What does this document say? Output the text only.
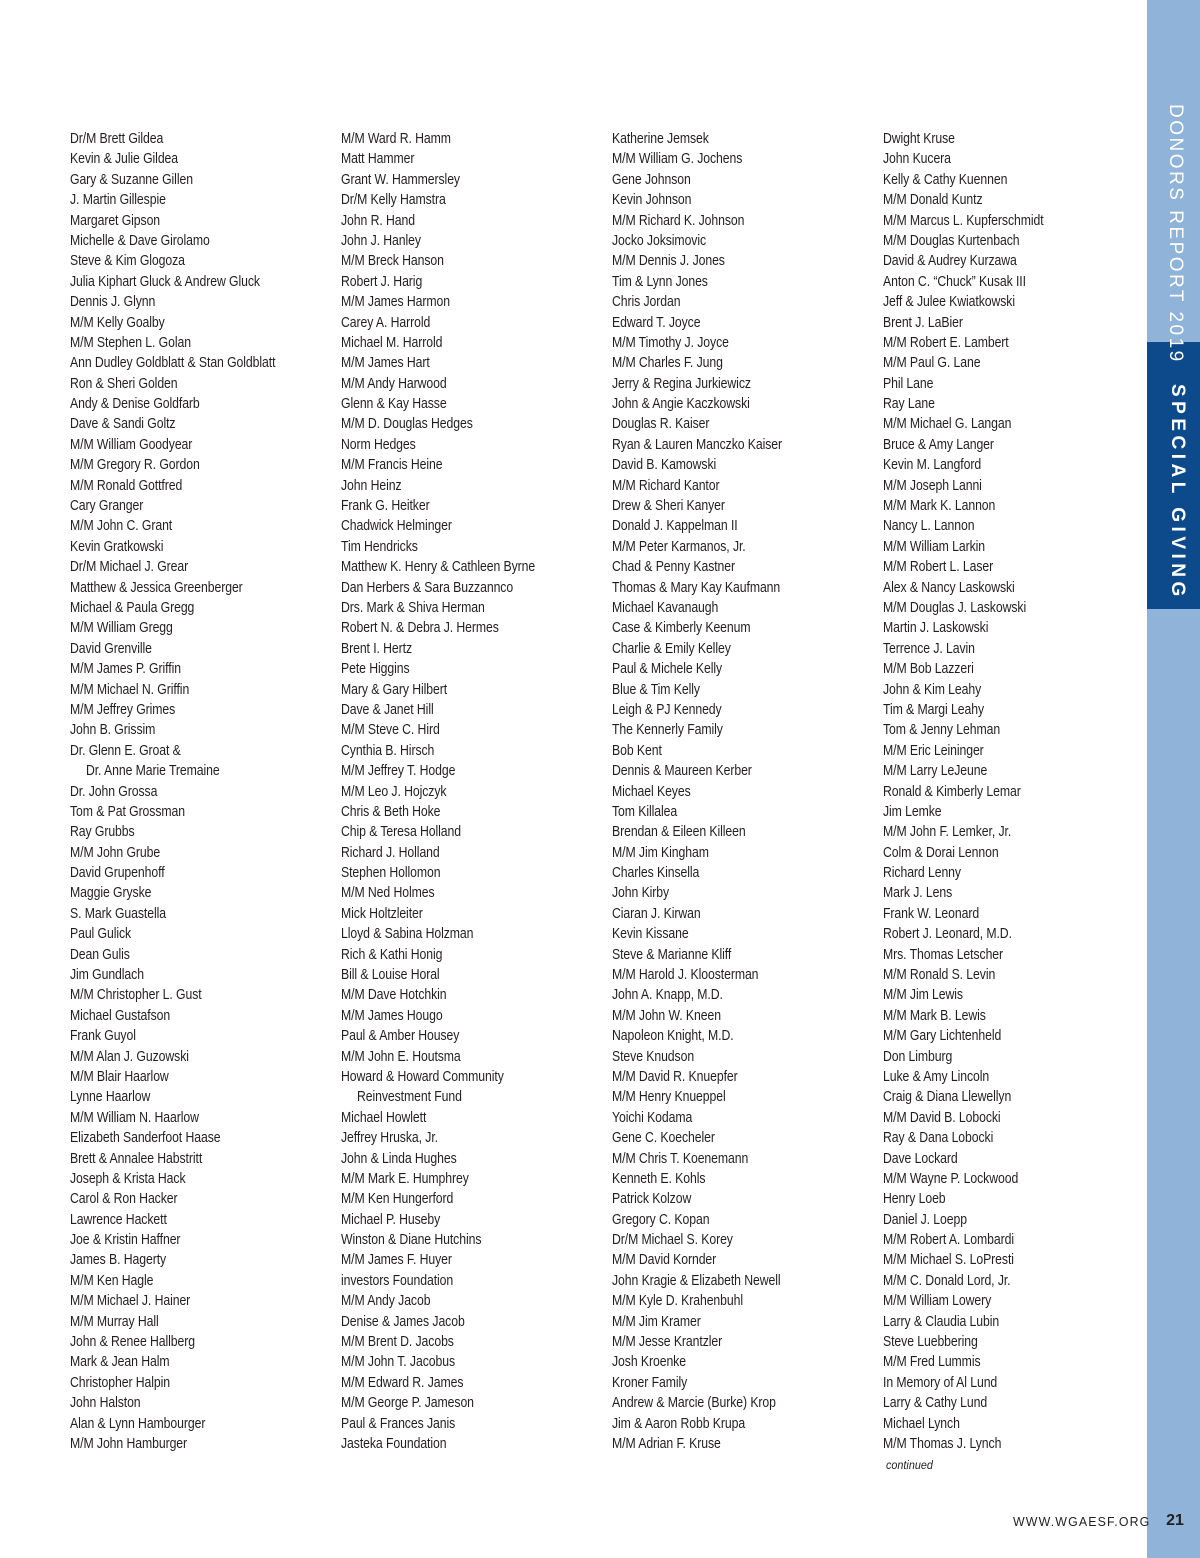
Dr/M Brett Gildea
Kevin & Julie Gildea
Gary & Suzanne Gillen
J. Martin Gillespie
Margaret Gipson
Michelle & Dave Girolamo
Steve & Kim Glogoza
Julia Kiphart Gluck & Andrew Gluck
Dennis J. Glynn
M/M Kelly Goalby
M/M Stephen L. Golan
Ann Dudley Goldblatt & Stan Goldblatt
Ron & Sheri Golden
Andy & Denise Goldfarb
Dave & Sandi Goltz
M/M William Goodyear
M/M Gregory R. Gordon
M/M Ronald Gottfred
Cary Granger
M/M John C. Grant
Kevin Gratkowski
Dr/M Michael J. Grear
Matthew & Jessica Greenberger
Michael & Paula Gregg
M/M William Gregg
David Grenville
M/M James P. Griffin
M/M Michael N. Griffin
M/M Jeffrey Grimes
John B. Grissim
Dr. Glenn E. Groat &
Dr. Anne Marie Tremaine
Dr. John Grossa
Tom & Pat Grossman
Ray Grubbs
M/M John Grube
David Grupenhoff
Maggie Gryske
S. Mark Guastella
Paul Gulick
Dean Gulis
Jim Gundlach
M/M Christopher L. Gust
Michael Gustafson
Frank Guyol
M/M Alan J. Guzowski
M/M Blair Haarlow
Lynne Haarlow
M/M William N. Haarlow
Elizabeth Sanderfoot Haase
Brett & Annalee Habstritt
Joseph & Krista Hack
Carol & Ron Hacker
Lawrence Hackett
Joe & Kristin Haffner
James B. Hagerty
M/M Ken Hagle
M/M Michael J. Hainer
M/M Murray Hall
John & Renee Hallberg
Mark & Jean Halm
Christopher Halpin
John Halston
Alan & Lynn Hambourger
M/M John Hamburger
M/M Ward R. Hamm
Matt Hammer
Grant W. Hammersley
Dr/M Kelly Hamstra
John R. Hand
John J. Hanley
M/M Breck Hanson
Robert J. Harig
M/M James Harmon
Carey A. Harrold
Michael M. Harrold
M/M James Hart
M/M Andy Harwood
Glenn & Kay Hasse
M/M D. Douglas Hedges
Norm Hedges
M/M Francis Heine
John Heinz
Frank G. Heitker
Chadwick Helminger
Tim Hendricks
Matthew K. Henry & Cathleen Byrne
Dan Herbers & Sara Buzzannco
Drs. Mark & Shiva Herman
Robert N. & Debra J. Hermes
Brent I. Hertz
Pete Higgins
Mary & Gary Hilbert
Dave & Janet Hill
M/M Steve C. Hird
Cynthia B. Hirsch
M/M Jeffrey T. Hodge
M/M Leo J. Hojczyk
Chris & Beth Hoke
Chip & Teresa Holland
Richard J. Holland
Stephen Hollomon
M/M Ned Holmes
Mick Holtzleiter
Lloyd & Sabina Holzman
Rich & Kathi Honig
Bill & Louise Horal
M/M Dave Hotchkin
M/M James Hougo
Paul & Amber Housey
M/M John E. Houtsma
Howard & Howard Community
Reinvestment Fund
Michael Howlett
Jeffrey Hruska, Jr.
John & Linda Hughes
M/M Mark E. Humphrey
M/M Ken Hungerford
Michael P. Huseby
Winston & Diane Hutchins
M/M James F. Huyer
investors Foundation
M/M Andy Jacob
Denise & James Jacob
M/M Brent D. Jacobs
M/M John T. Jacobus
M/M Edward R. James
M/M George P. Jameson
Paul & Frances Janis
Jasteka Foundation
Katherine Jemsek
M/M William G. Jochens
Gene Johnson
Kevin Johnson
M/M Richard K. Johnson
Jocko Joksimovic
M/M Dennis J. Jones
Tim & Lynn Jones
Chris Jordan
Edward T. Joyce
M/M Timothy J. Joyce
M/M Charles F. Jung
Jerry & Regina Jurkiewicz
John & Angie Kaczkowski
Douglas R. Kaiser
Ryan & Lauren Manczko Kaiser
David B. Kamowski
M/M Richard Kantor
Drew & Sheri Kanyer
Donald J. Kappelman II
M/M Peter Karmanos, Jr.
Chad & Penny Kastner
Thomas & Mary Kay Kaufmann
Michael Kavanaugh
Case & Kimberly Keenum
Charlie & Emily Kelley
Paul & Michele Kelly
Blue & Tim Kelly
Leigh & PJ Kennedy
The Kennerly Family
Bob Kent
Dennis & Maureen Kerber
Michael Keyes
Tom Killalea
Brendan & Eileen Killeen
M/M Jim Kingham
Charles Kinsella
John Kirby
Ciaran J. Kirwan
Kevin Kissane
Steve & Marianne Kliff
M/M Harold J. Kloosterman
John A. Knapp, M.D.
M/M John W. Kneen
Napoleon Knight, M.D.
Steve Knudson
M/M David R. Knuepfer
M/M Henry Knueppel
Yoichi Kodama
Gene C. Koecheler
M/M Chris T. Koenemann
Kenneth E. Kohls
Patrick Kolzow
Gregory C. Kopan
Dr/M Michael S. Korey
M/M David Kornder
John Kragie & Elizabeth Newell
M/M Kyle D. Krahenbuhl
M/M Jim Kramer
M/M Jesse Krantzler
Josh Kroenke
Kroner Family
Andrew & Marcie (Burke) Krop
Jim & Aaron Robb Krupa
M/M Adrian F. Kruse
Dwight Kruse
John Kucera
Kelly & Cathy Kuennen
M/M Donald Kuntz
M/M Marcus L. Kupferschmidt
M/M Douglas Kurtenbach
David & Audrey Kurzawa
Anton C. “Chuck” Kusak III
Jeff & Julee Kwiatkowski
Brent J. LaBier
M/M Robert E. Lambert
M/M Paul G. Lane
Phil Lane
Ray Lane
M/M Michael G. Langan
Bruce & Amy Langer
Kevin M. Langford
M/M Joseph Lanni
M/M Mark K. Lannon
Nancy L. Lannon
M/M William Larkin
M/M Robert L. Laser
Alex & Nancy Laskowski
M/M Douglas J. Laskowski
Martin J. Laskowski
Terrence J. Lavin
M/M Bob Lazzeri
John & Kim Leahy
Tim & Margi Leahy
Tom & Jenny Lehman
M/M Eric Leininger
M/M Larry LeJeune
Ronald & Kimberly Lemar
Jim Lemke
M/M John F. Lemker, Jr.
Colm & Dorai Lennon
Richard Lenny
Mark J. Lens
Frank W. Leonard
Robert J. Leonard, M.D.
Mrs. Thomas Letscher
M/M Ronald S. Levin
M/M Jim Lewis
M/M Mark B. Lewis
M/M Gary Lichtenheld
Don Limburg
Luke & Amy Lincoln
Craig & Diana Llewellyn
M/M David B. Lobocki
Ray & Dana Lobocki
Dave Lockard
M/M Wayne P. Lockwood
Henry Loeb
Daniel J. Loepp
M/M Robert A. Lombardi
M/M Michael S. LoPresti
M/M C. Donald Lord, Jr.
M/M William Lowery
Larry & Claudia Lubin
Steve Luebbering
M/M Fred Lummis
In Memory of Al Lund
Larry & Cathy Lund
Michael Lynch
M/M Thomas J. Lynch
continued
DONORS REPORT 2019
SPECIAL GIVING
WWW.WGAESF.ORG 21
